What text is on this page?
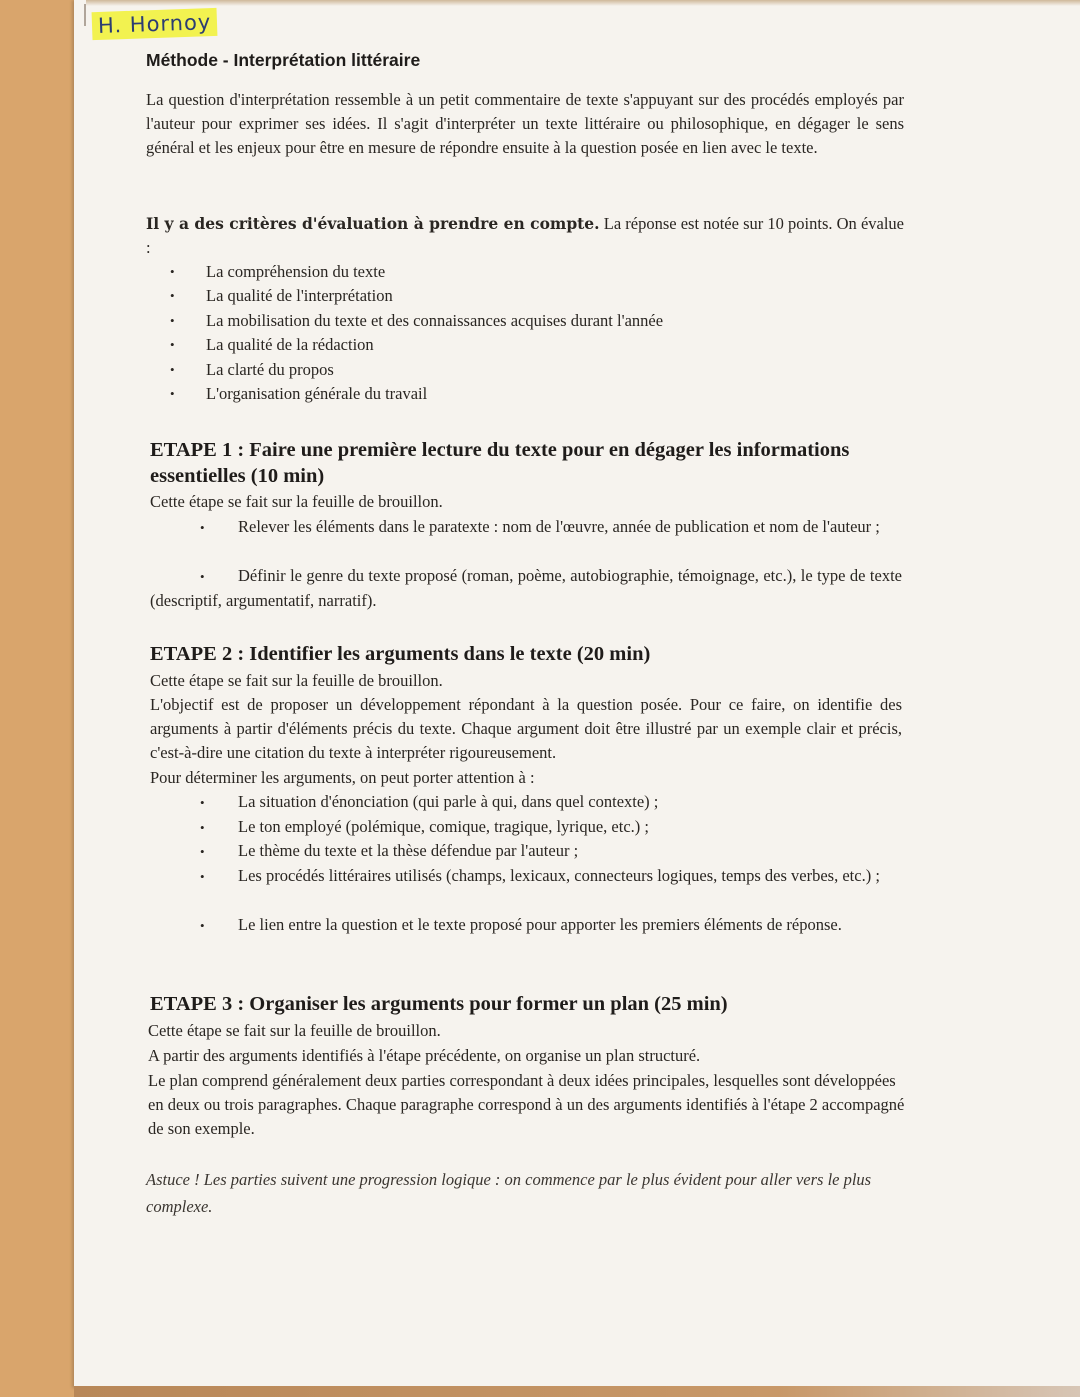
H. Hornoy
Méthode - Interprétation littéraire
La question d'interprétation ressemble à un petit commentaire de texte s'appuyant sur des procédés employés par l'auteur pour exprimer ses idées. Il s'agit d'interpréter un texte littéraire ou philosophique, en dégager le sens général et les enjeux pour être en mesure de répondre ensuite à la question posée en lien avec le texte.
Il y a des critères d'évaluation à prendre en compte. La réponse est notée sur 10 points. On évalue :
• La compréhension du texte
• La qualité de l'interprétation
• La mobilisation du texte et des connaissances acquises durant l'année
• La qualité de la rédaction
• La clarté du propos
• L'organisation générale du travail
ETAPE 1 : Faire une première lecture du texte pour en dégager les informations essentielles (10 min)
Cette étape se fait sur la feuille de brouillon.
• Relever les éléments dans le paratexte : nom de l'œuvre, année de publication et nom de l'auteur ;
• Définir le genre du texte proposé (roman, poème, autobiographie, témoignage, etc.), le type de texte (descriptif, argumentatif, narratif).
ETAPE 2 : Identifier les arguments dans le texte (20 min)
Cette étape se fait sur la feuille de brouillon.
L'objectif est de proposer un développement répondant à la question posée. Pour ce faire, on identifie des arguments à partir d'éléments précis du texte. Chaque argument doit être illustré par un exemple clair et précis, c'est-à-dire une citation du texte à interpréter rigoureusement.
Pour déterminer les arguments, on peut porter attention à :
• La situation d'énonciation (qui parle à qui, dans quel contexte) ;
• Le ton employé (polémique, comique, tragique, lyrique, etc.) ;
• Le thème du texte et la thèse défendue par l'auteur ;
• Les procédés littéraires utilisés (champs, lexicaux, connecteurs logiques, temps des verbes, etc.) ;
• Le lien entre la question et le texte proposé pour apporter les premiers éléments de réponse.
ETAPE 3 : Organiser les arguments pour former un plan (25 min)
Cette étape se fait sur la feuille de brouillon.
A partir des arguments identifiés à l'étape précédente, on organise un plan structuré.
Le plan comprend généralement deux parties correspondant à deux idées principales, lesquelles sont développées en deux ou trois paragraphes. Chaque paragraphe correspond à un des arguments identifiés à l'étape 2 accompagné de son exemple.
Astuce ! Les parties suivent une progression logique : on commence par le plus évident pour aller vers le plus complexe.
